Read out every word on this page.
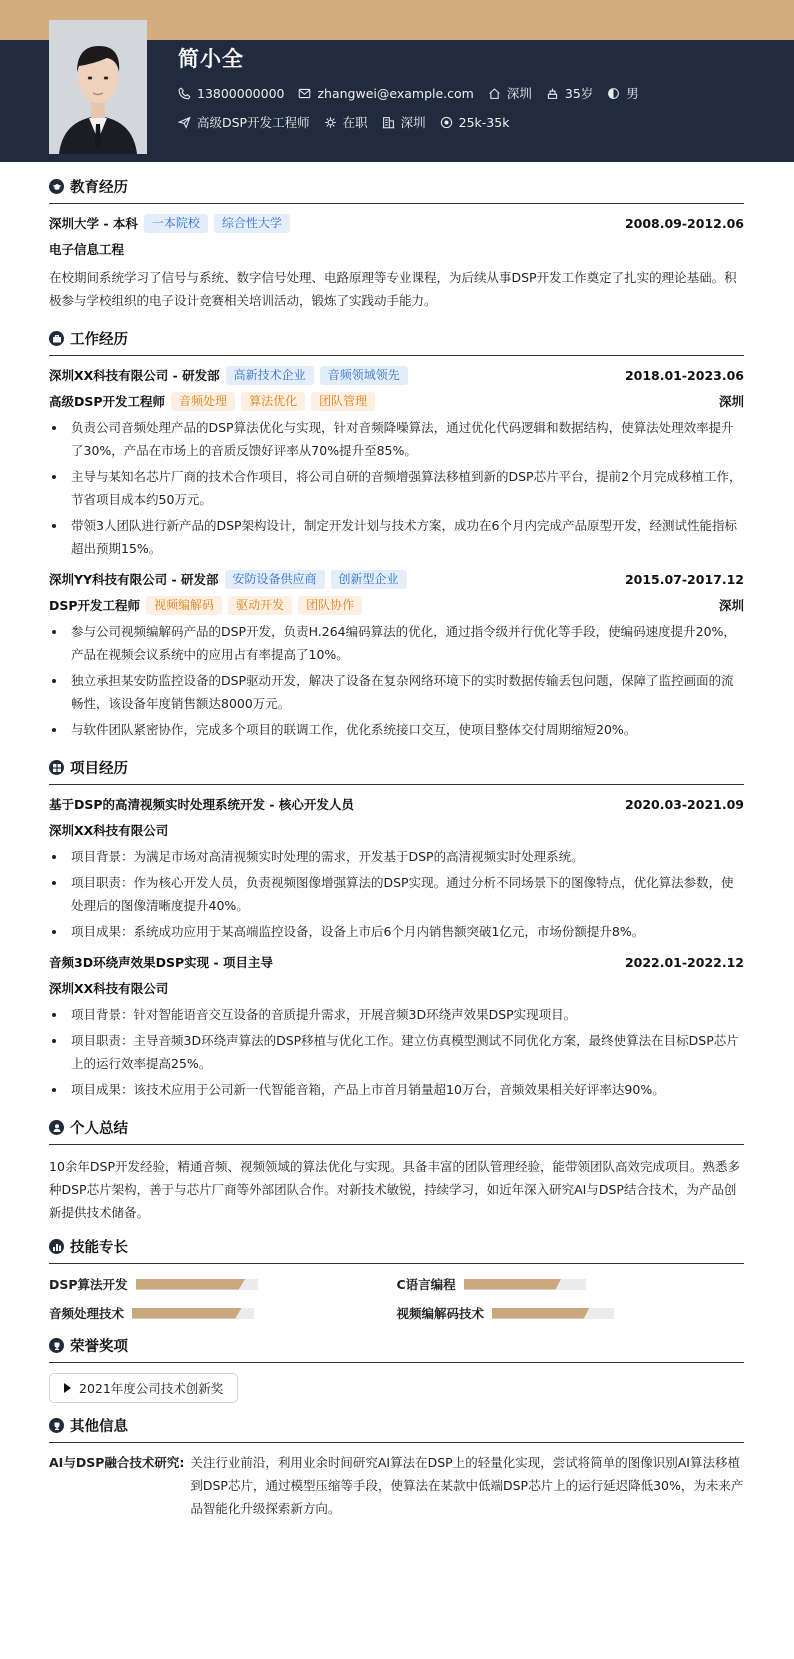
简小全
13800000000	zhangwei@example.com	深圳	35岁	男
高级DSP开发工程师	在职	深圳	25k-35k
教育经历
深圳大学 - 本科	一本院校	综合性大学	2008.09-2012.06
电子信息工程
在校期间系统学习了信号与系统、数字信号处理、电路原理等专业课程，为后续从事DSP开发工作奠定了扎实的理论基础。积极参与学校组织的电子设计竞赛相关培训活动，锻炼了实践动手能力。
工作经历
深圳XX科技有限公司 - 研发部	高新技术企业	音频领域领先	2018.01-2023.06
高级DSP开发工程师	音频处理	算法优化	团队管理	深圳
负责公司音频处理产品的DSP算法优化与实现，针对音频降噪算法，通过优化代码逻辑和数据结构，使算法处理效率提升了30%，产品在市场上的音质反馈好评率从70%提升至85%。
主导与某知名芯片厂商的技术合作项目，将公司自研的音频增强算法移植到新的DSP芯片平台，提前2个月完成移植工作，节省项目成本约50万元。
带领3人团队进行新产品的DSP架构设计，制定开发计划与技术方案，成功在6个月内完成产品原型开发，经测试性能指标超出预期15%。
深圳YY科技有限公司 - 研发部	安防设备供应商	创新型企业	2015.07-2017.12
DSP开发工程师	视频编解码	驱动开发	团队协作	深圳
参与公司视频编解码产品的DSP开发，负责H.264编码算法的优化，通过指令级并行优化等手段，使编码速度提升20%，产品在视频会议系统中的应用占有率提高了10%。
独立承担某安防监控设备的DSP驱动开发，解决了设备在复杂网络环境下的实时数据传输丢包问题，保障了监控画面的流畅性，该设备年度销售额达8000万元。
与软件团队紧密协作，完成多个项目的联调工作，优化系统接口交互，使项目整体交付周期缩短20%。
项目经历
基于DSP的高清视频实时处理系统开发 - 核心开发人员	2020.03-2021.09
深圳XX科技有限公司
项目背景：为满足市场对高清视频实时处理的需求，开发基于DSP的高清视频实时处理系统。
项目职责：作为核心开发人员，负责视频图像增强算法的DSP实现。通过分析不同场景下的图像特点，优化算法参数，使处理后的图像清晰度提升40%。
项目成果：系统成功应用于某高端监控设备，设备上市后6个月内销售额突破1亿元，市场份额提升8%。
音频3D环绕声效果DSP实现 - 项目主导	2022.01-2022.12
深圳XX科技有限公司
项目背景：针对智能语音交互设备的音质提升需求，开展音频3D环绕声效果DSP实现项目。
项目职责：主导音频3D环绕声算法的DSP移植与优化工作。建立仿真模型测试不同优化方案，最终使算法在目标DSP芯片上的运行效率提高25%。
项目成果：该技术应用于公司新一代智能音箱，产品上市首月销量超10万台，音频效果相关好评率达90%。
个人总结
10余年DSP开发经验，精通音频、视频领域的算法优化与实现。具备丰富的团队管理经验，能带领团队高效完成项目。熟悉多种DSP芯片架构，善于与芯片厂商等外部团队合作。对新技术敏锐，持续学习，如近年深入研究AI与DSP结合技术，为产品创新提供技术储备。
技能专长
DSP算法开发	C语言编程
音频处理技术	视频编解码技术
荣誉奖项
2021年度公司技术创新奖
其他信息
AI与DSP融合技术研究: 关注行业前沿，利用业余时间研究AI算法在DSP上的轻量化实现，尝试将简单的图像识别AI算法移植到DSP芯片，通过模型压缩等手段，使算法在某款中低端DSP芯片上的运行延迟降低30%，为未来产品智能化升级探索新方向。
